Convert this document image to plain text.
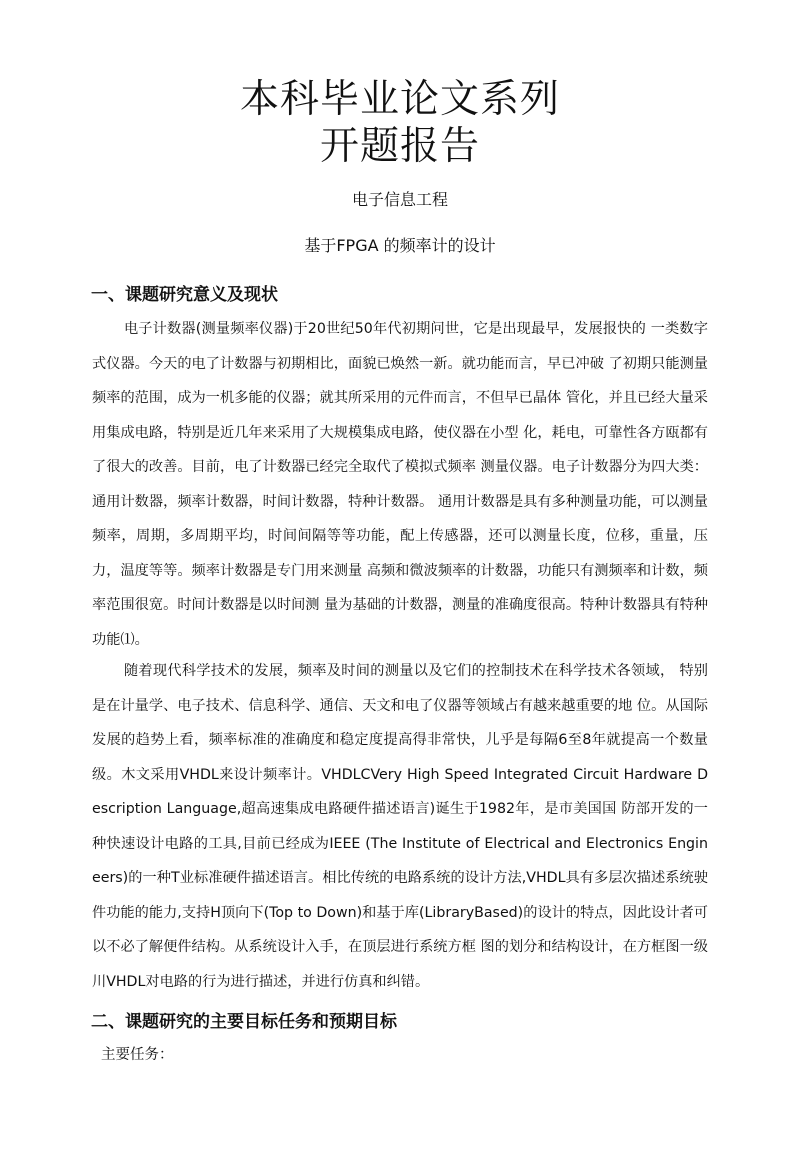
本科毕业论文系列
开题报告

电子信息工程

基于FPGA 的频率计的设计

一、课题研究意义及现状

电子计数器(测量频率仪器)于20世纪50年代初期问世，它是出现最早，发展报快的 一类数字式仪器。今天的电了计数器与初期相比，面貌已焕然一新。就功能而言，早已冲破 了初期只能测量频率的范围，成为一机多能的仪器；就其所采用的元件而言，不但早已晶体 管化，并且已经大量采用集成电路，特别是近几年来采用了大规模集成电路，使仪器在小型 化，耗电，可靠性各方瓯都有了很大的改善。目前，电了计数器已经完全取代了模拟式频率 测量仪器。电子计数器分为四大类：通用计数器，频率计数器，时间计数器，特种计数器。 通用计数器是具有多种测量功能，可以测量频率，周期，多周期平均，时间间隔等等功能，配上传感器，还可以测量长度，位移，重量，压力，温度等等。频率计数器是专门用来测量 高频和微波频率的计数器，功能只有测频率和计数，频率范围很宽。时间计数器是以时间测 量为基础的计数器，测量的准确度很高。特种计数器具有特种功能⑴。

随着现代科学技术的发展，频率及时间的测量以及它们的控制技术在科学技术各领域， 特别是在计量学、电子技术、信息科学、通信、天文和电了仪器等领域占有越来越重要的地 位。从国际发展的趋势上看，频率标准的准确度和稳定度提高得非常快，儿乎是每隔6至8年就提高一个数量级。木文采用VHDL来设计频率计。VHDLCVery High Speed Integrated Circuit Hardware Description Language,超高速集成电路硬件描述语言)诞生于1982年，是市美国国 防部开发的一种快速设计电路的工具,目前已经成为IEEE (The Institute of Electrical and Electronics Engineers)的一种T业标准硬件描述语言。相比传统的电路系统的设计方法,VHDL具有多层次描述系统驶件功能的能力,支持H顶向下(Top to Down)和基于库(LibraryBased)的设计的特点，因此设计者可以不必了解便件结构。从系统设计入手，在顶层进行系统方框 图的划分和结构设计，在方框图一级川VHDL对电路的行为进行描述，并进行仿真和纠错。

二、课题研究的主要目标任务和预期目标

主要任务：
